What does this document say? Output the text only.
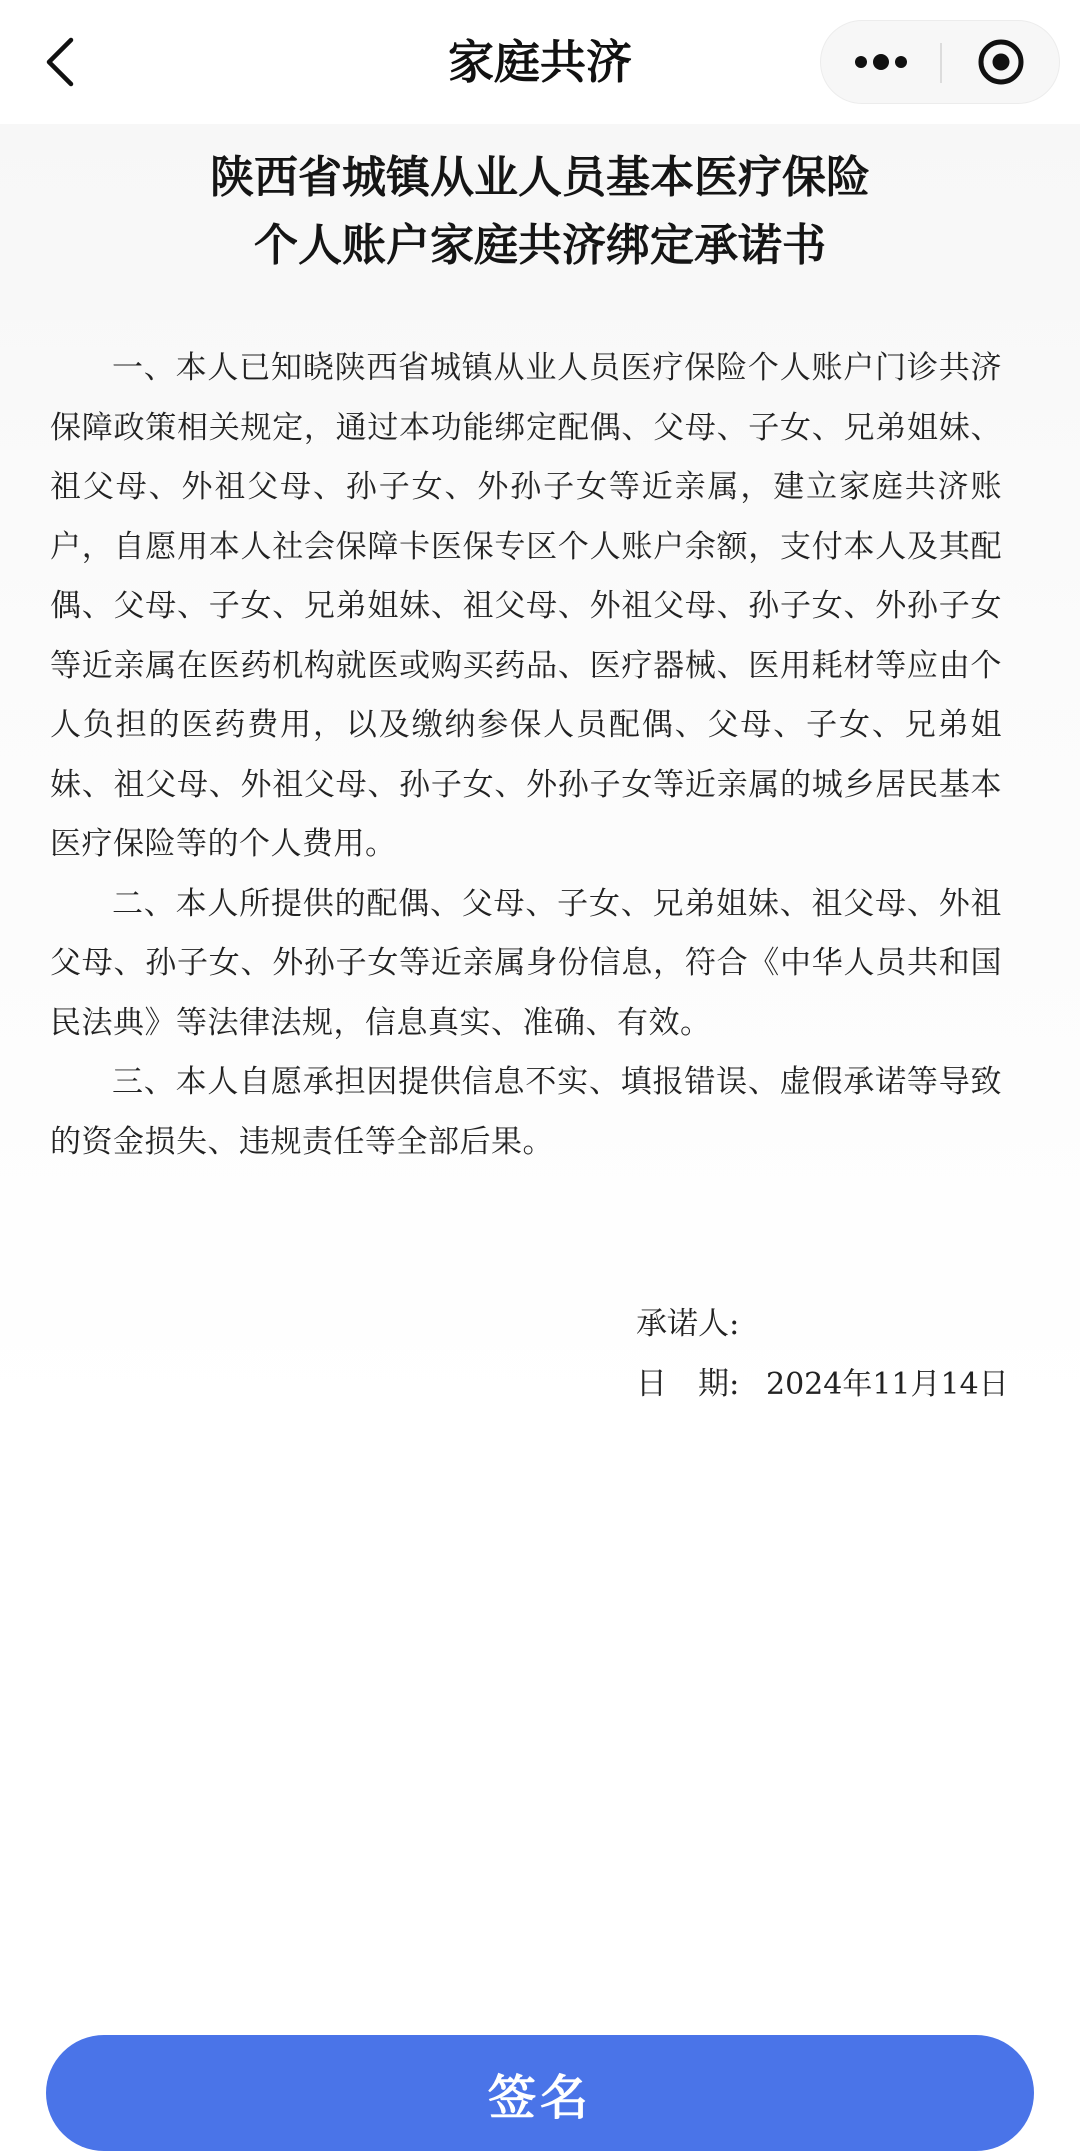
家庭共济
陕西省城镇从业人员基本医疗保险
个人账户家庭共济绑定承诺书

一、本人已知晓陕西省城镇从业人员医疗保险个人账户门诊共济保障政策相关规定，通过本功能绑定配偶、父母、子女、兄弟姐妹、祖父母、外祖父母、孙子女、外孙子女等近亲属，建立家庭共济账户，自愿用本人社会保障卡医保专区个人账户余额，支付本人及其配偶、父母、子女、兄弟姐妹、祖父母、外祖父母、孙子女、外孙子女等近亲属在医药机构就医或购买药品、医疗器械、医用耗材等应由个人负担的医药费用，以及缴纳参保人员配偶、父母、子女、兄弟姐妹、祖父母、外祖父母、孙子女、外孙子女等近亲属的城乡居民基本医疗保险等的个人费用。

二、本人所提供的配偶、父母、子女、兄弟姐妹、祖父母、外祖父母、孙子女、外孙子女等近亲属身份信息，符合《中华人员共和国民法典》等法律法规，信息真实、准确、有效。

三、本人自愿承担因提供信息不实、填报错误、虚假承诺等导致的资金损失、违规责任等全部后果。

承诺人:
日　期: 2024年11月14日
签名
